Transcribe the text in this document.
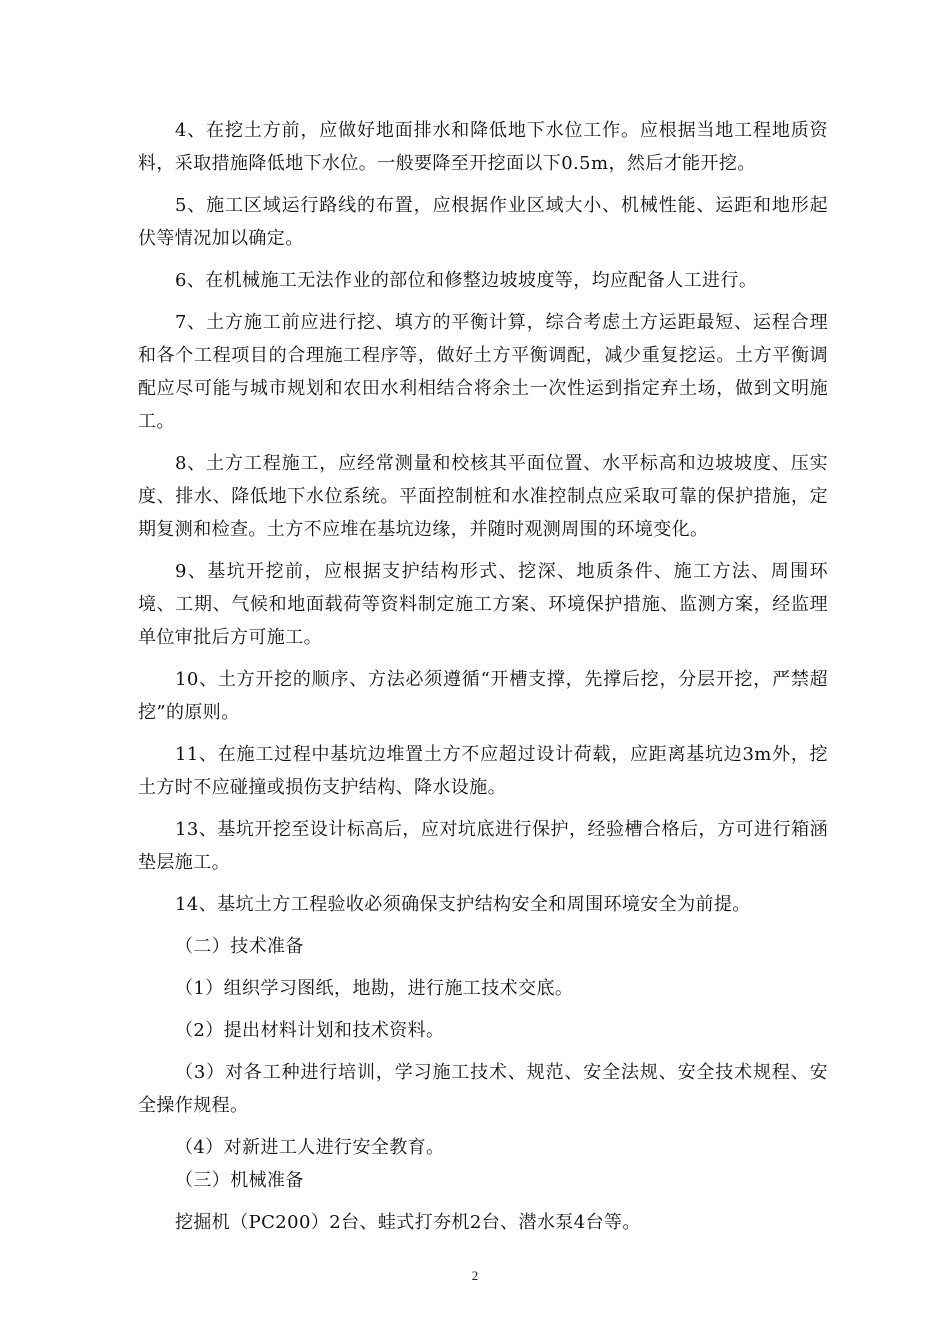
4、在挖土方前，应做好地面排水和降低地下水位工作。应根据当地工程地质资料，采取措施降低地下水位。一般要降至开挖面以下0.5m，然后才能开挖。

5、施工区域运行路线的布置，应根据作业区域大小、机械性能、运距和地形起伏等情况加以确定。

6、在机械施工无法作业的部位和修整边坡坡度等，均应配备人工进行。

7、土方施工前应进行挖、填方的平衡计算，综合考虑土方运距最短、运程合理和各个工程项目的合理施工程序等，做好土方平衡调配，减少重复挖运。土方平衡调配应尽可能与城市规划和农田水利相结合将余土一次性运到指定弃土场，做到文明施工。

8、土方工程施工，应经常测量和校核其平面位置、水平标高和边坡坡度、压实度、排水、降低地下水位系统。平面控制桩和水准控制点应采取可靠的保护措施，定期复测和检查。土方不应堆在基坑边缘，并随时观测周围的环境变化。

9、基坑开挖前，应根据支护结构形式、挖深、地质条件、施工方法、周围环境、工期、气候和地面载荷等资料制定施工方案、环境保护措施、监测方案，经监理单位审批后方可施工。

10、土方开挖的顺序、方法必须遵循“开槽支撑，先撑后挖，分层开挖，严禁超挖”的原则。

11、在施工过程中基坑边堆置土方不应超过设计荷载，应距离基坑边3m外，挖土方时不应碰撞或损伤支护结构、降水设施。

13、基坑开挖至设计标高后，应对坑底进行保护，经验槽合格后，方可进行箱涵垫层施工。

14、基坑土方工程验收必须确保支护结构安全和周围环境安全为前提。

（二）技术准备

（1）组织学习图纸，地勘，进行施工技术交底。

（2）提出材料计划和技术资料。

（3）对各工种进行培训，学习施工技术、规范、安全法规、安全技术规程、安全操作规程。

（4）对新进工人进行安全教育。

（三）机械准备

挖掘机（PC200）2台、蛙式打夯机2台、潜水泵4台等。

2
